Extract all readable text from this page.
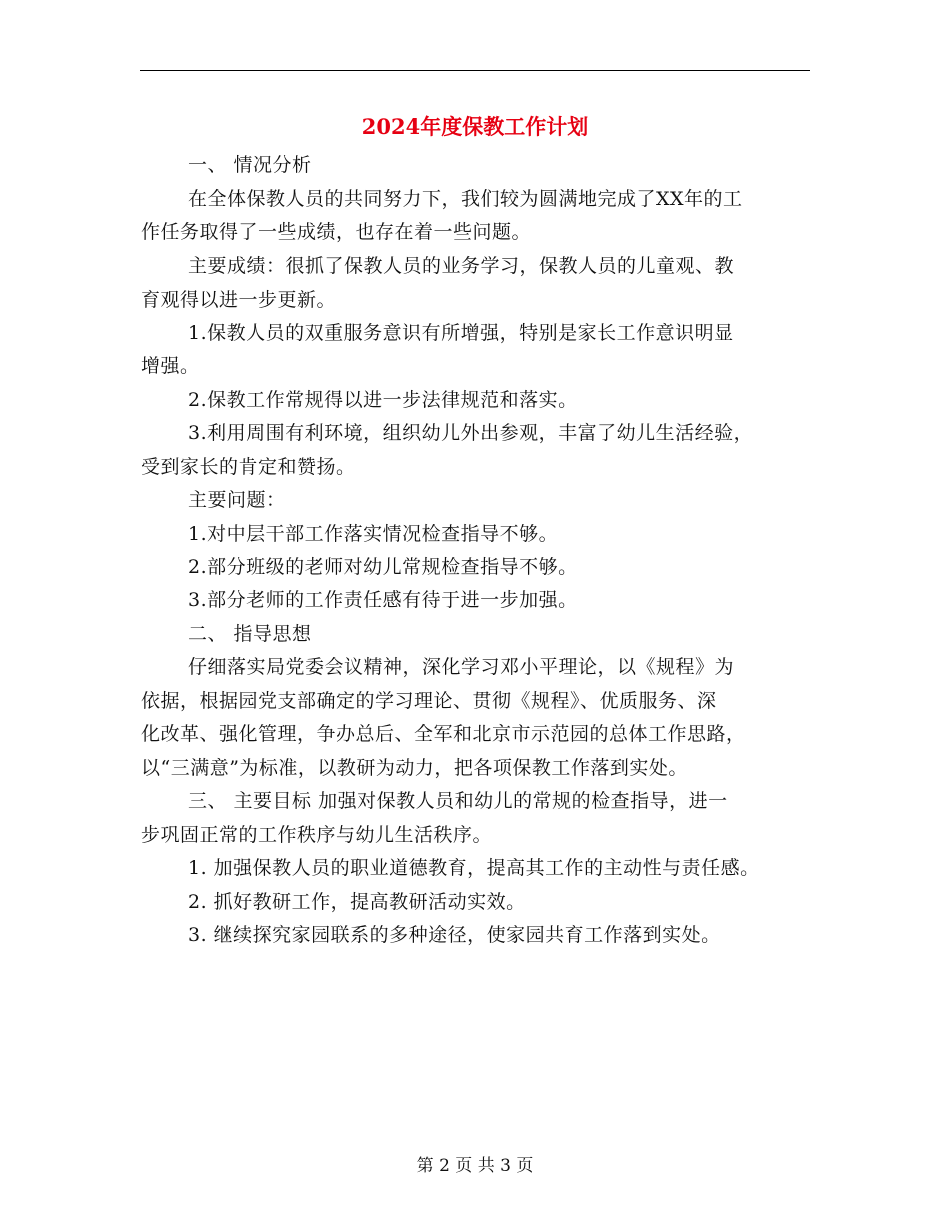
2024年度保教工作计划
一、 情况分析
在全体保教人员的共同努力下，我们较为圆满地完成了XX年的工
作任务取得了一些成绩，也存在着一些问题。
主要成绩：很抓了保教人员的业务学习，保教人员的儿童观、教
育观得以进一步更新。
1.保教人员的双重服务意识有所增强，特别是家长工作意识明显
增强。
2.保教工作常规得以进一步法律规范和落实。
3.利用周围有利环境，组织幼儿外出参观，丰富了幼儿生活经验，
受到家长的肯定和赞扬。
主要问题：
1.对中层干部工作落实情况检查指导不够。
2.部分班级的老师对幼儿常规检查指导不够。
3.部分老师的工作责任感有待于进一步加强。
二、 指导思想
仔细落实局党委会议精神，深化学习邓小平理论，以《规程》为
依据，根据园党支部确定的学习理论、贯彻《规程》、优质服务、深
化改革、强化管理，争办总后、全军和北京市示范园的总体工作思路，
以“三满意”为标准，以教研为动力，把各项保教工作落到实处。
三、 主要目标 加强对保教人员和幼儿的常规的检查指导，进一
步巩固正常的工作秩序与幼儿生活秩序。
1. 加强保教人员的职业道德教育，提高其工作的主动性与责任感。
2. 抓好教研工作，提高教研活动实效。
3. 继续探究家园联系的多种途径，使家园共育工作落到实处。
第 2 页 共 3 页
